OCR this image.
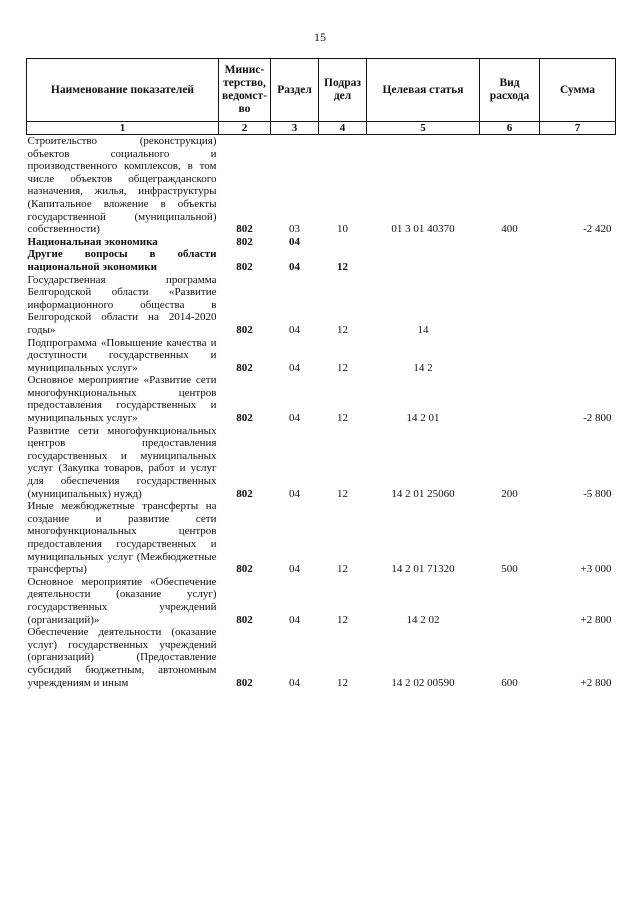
15
Наименование показателей	Минис-терство, ведомст-во	Раздел	Подраз дел	Целевая статья	Вид расхода	Сумма
1	2	3	4	5	6	7
Строительство (реконструкция) объектов социального и производственного комплексов, в том числе объектов общегражданского назначения, жилья, инфраструктуры (Капитальное вложение в объекты государственной (муниципальной) собственности)	802	03	10	01 3 01 40370	400	-2 420
Национальная экономика	802	04				
Другие вопросы в области национальной экономики	802	04	12			
Государственная программа Белгородской области «Развитие информационного общества в Белгородской области на 2014-2020 годы»	802	04	12	14		
Подпрограмма «Повышение качества и доступности государственных и муниципальных услуг»	802	04	12	14 2		
Основное мероприятие «Развитие сети многофункциональных центров предоставления государственных и муниципальных услуг»	802	04	12	14 2 01		-2 800
Развитие сети многофункциональных центров предоставления государственных и муниципальных услуг (Закупка товаров, работ и услуг для обеспечения государственных (муниципальных) нужд)	802	04	12	14 2 01 25060	200	-5 800
Иные межбюджетные трансферты на создание и развитие сети многофункциональных центров предоставления государственных и муниципальных услуг (Межбюджетные трансферты)	802	04	12	14 2 01 71320	500	+3 000
Основное мероприятие «Обеспечение деятельности (оказание услуг) государственных учреждений (организаций)»	802	04	12	14 2 02		+2 800
Обеспечение деятельности (оказание услуг) государственных учреждений (организаций) (Предоставление субсидий бюджетным, автономным учреждениям и иным	802	04	12	14 2 02 00590	600	+2 800
